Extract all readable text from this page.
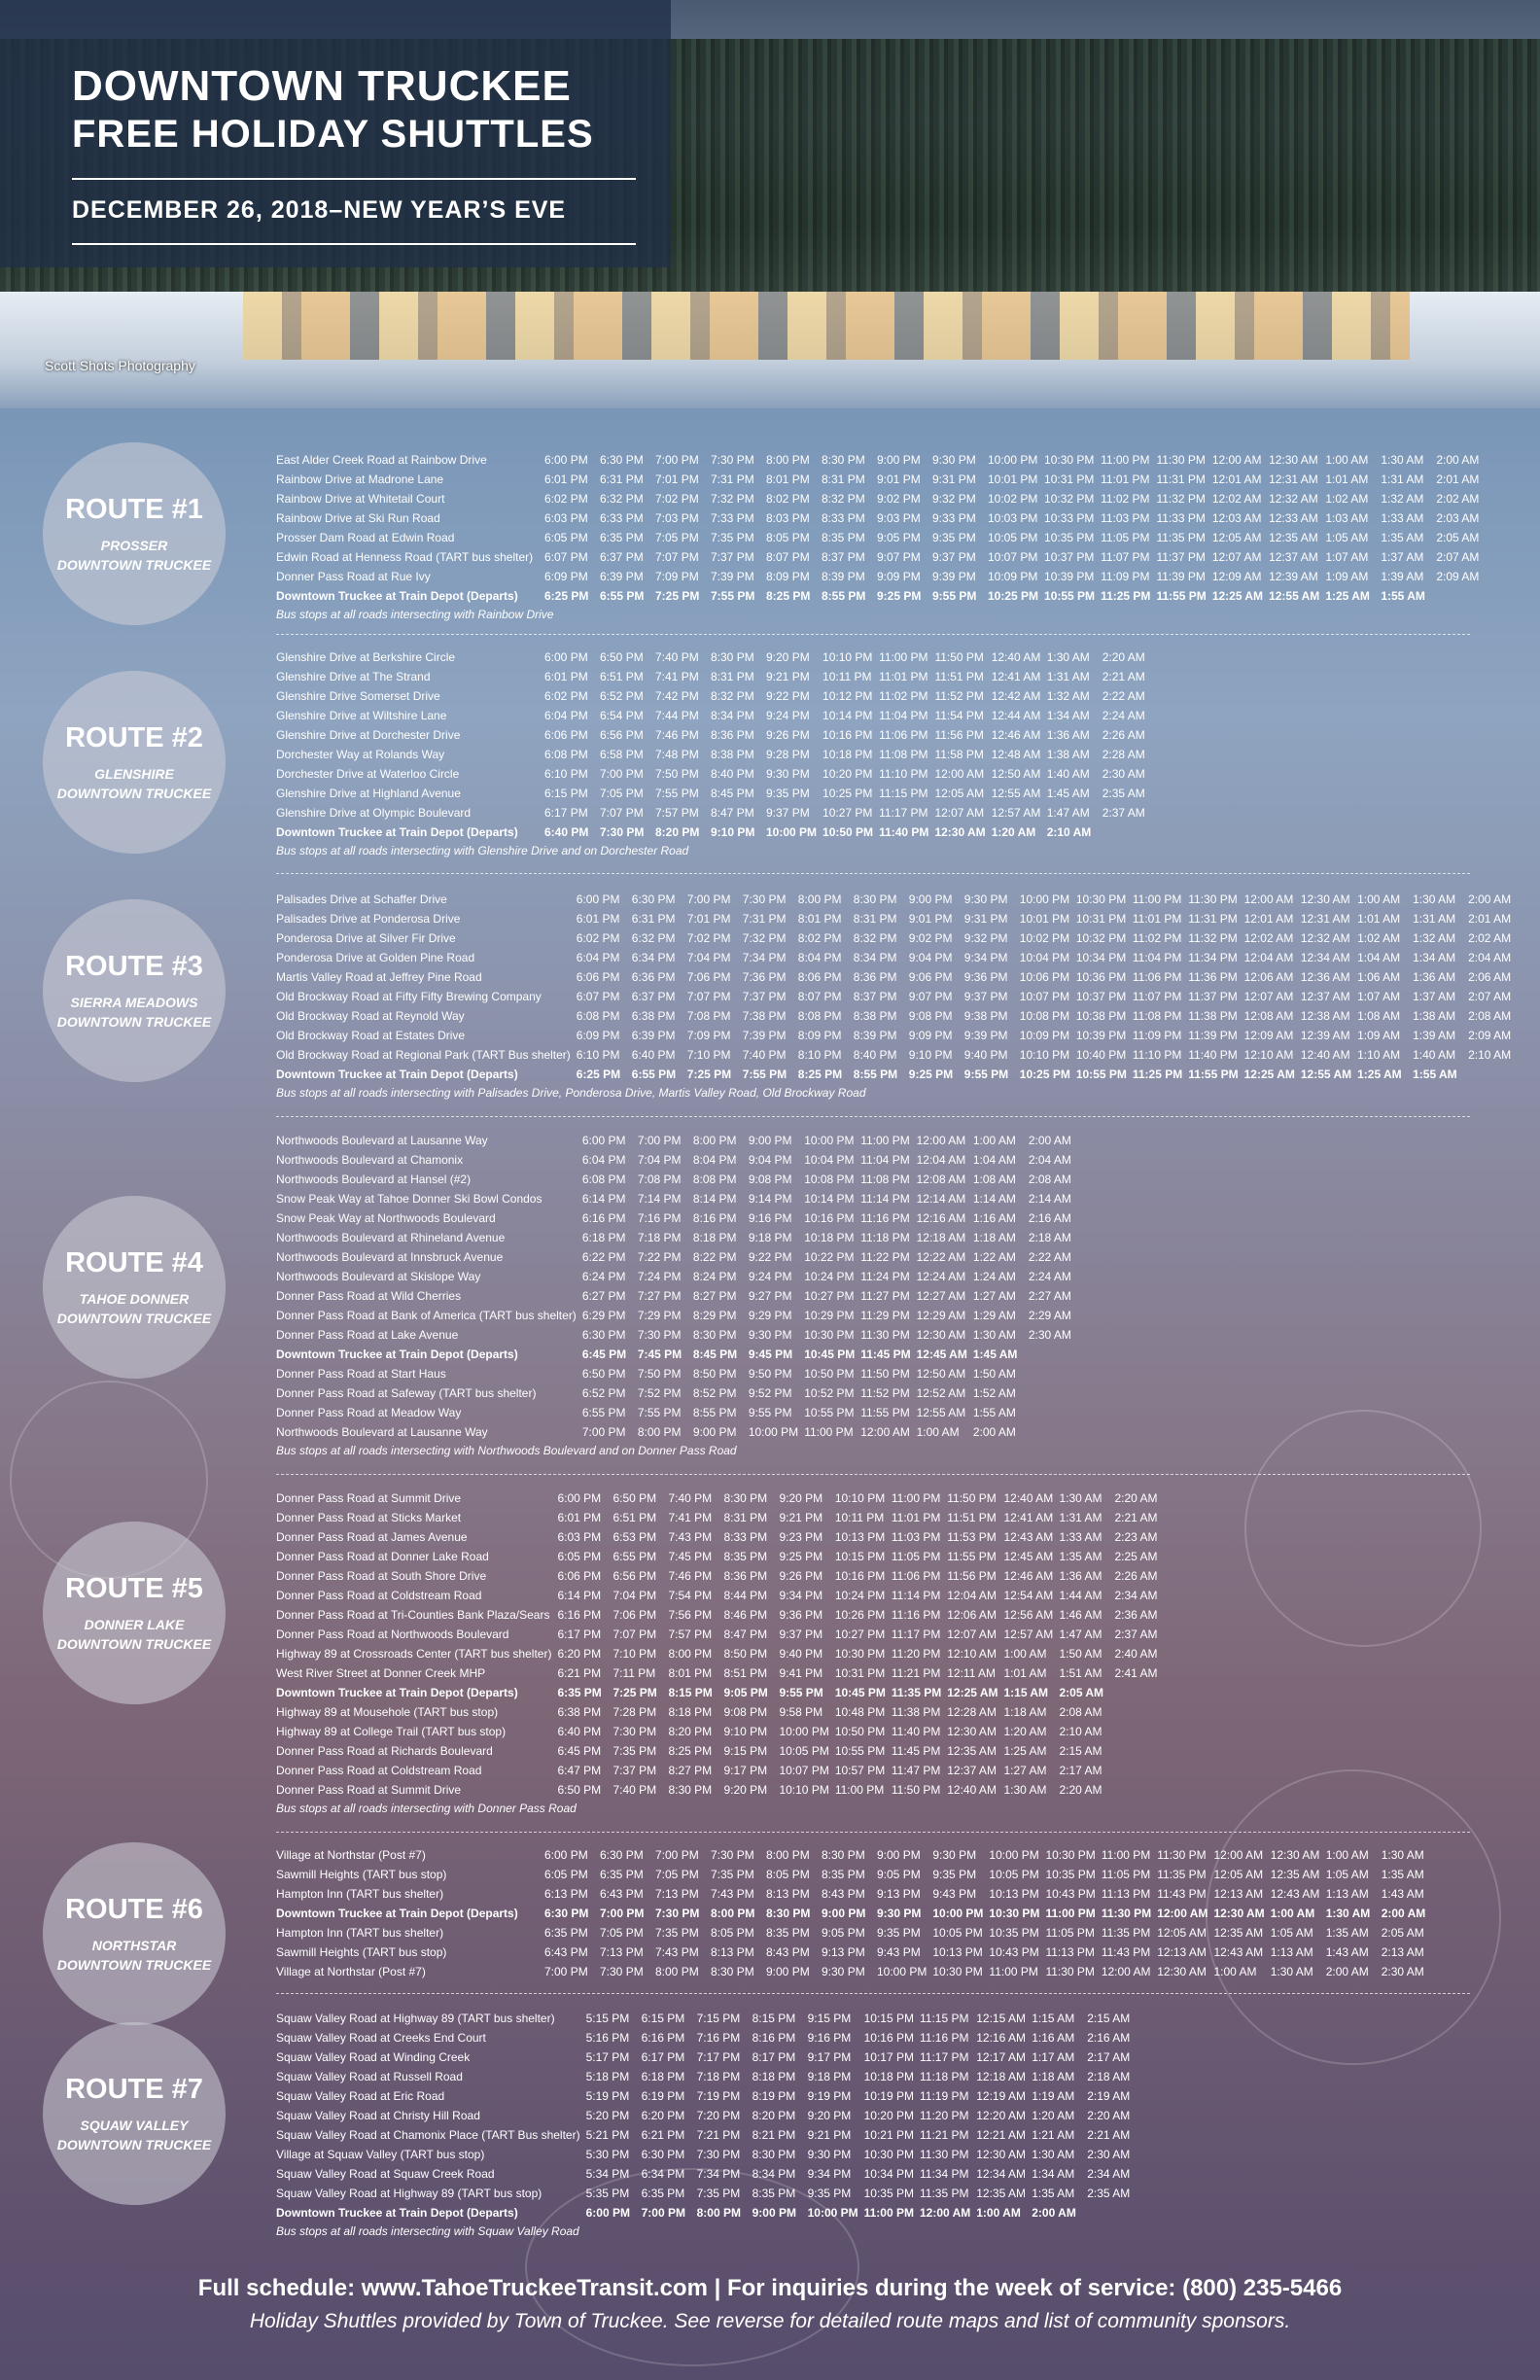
DOWNTOWN TRUCKEE
FREE HOLIDAY SHUTTLES
DECEMBER 26, 2018–NEW YEAR’S EVE
Scott Shots Photography
ROUTE #1
PROSSER
DOWNTOWN TRUCKEE
East Alder Creek Road at Rainbow Drive	6:00 PM	6:30 PM	7:00 PM	7:30 PM	8:00 PM	8:30 PM	9:00 PM	9:30 PM	10:00 PM	10:30 PM	11:00 PM	11:30 PM	12:00 AM	12:30 AM	1:00 AM	1:30 AM	2:00 AM
Rainbow Drive at Madrone Lane	6:01 PM	6:31 PM	7:01 PM	7:31 PM	8:01 PM	8:31 PM	9:01 PM	9:31 PM	10:01 PM	10:31 PM	11:01 PM	11:31 PM	12:01 AM	12:31 AM	1:01 AM	1:31 AM	2:01 AM
Rainbow Drive at Whitetail Court	6:02 PM	6:32 PM	7:02 PM	7:32 PM	8:02 PM	8:32 PM	9:02 PM	9:32 PM	10:02 PM	10:32 PM	11:02 PM	11:32 PM	12:02 AM	12:32 AM	1:02 AM	1:32 AM	2:02 AM
Rainbow Drive at Ski Run Road	6:03 PM	6:33 PM	7:03 PM	7:33 PM	8:03 PM	8:33 PM	9:03 PM	9:33 PM	10:03 PM	10:33 PM	11:03 PM	11:33 PM	12:03 AM	12:33 AM	1:03 AM	1:33 AM	2:03 AM
Prosser Dam Road at Edwin Road	6:05 PM	6:35 PM	7:05 PM	7:35 PM	8:05 PM	8:35 PM	9:05 PM	9:35 PM	10:05 PM	10:35 PM	11:05 PM	11:35 PM	12:05 AM	12:35 AM	1:05 AM	1:35 AM	2:05 AM
Edwin Road at Henness Road (TART bus shelter)	6:07 PM	6:37 PM	7:07 PM	7:37 PM	8:07 PM	8:37 PM	9:07 PM	9:37 PM	10:07 PM	10:37 PM	11:07 PM	11:37 PM	12:07 AM	12:37 AM	1:07 AM	1:37 AM	2:07 AM
Donner Pass Road at Rue Ivy	6:09 PM	6:39 PM	7:09 PM	7:39 PM	8:09 PM	8:39 PM	9:09 PM	9:39 PM	10:09 PM	10:39 PM	11:09 PM	11:39 PM	12:09 AM	12:39 AM	1:09 AM	1:39 AM	2:09 AM
Downtown Truckee at Train Depot (Departs)	6:25 PM	6:55 PM	7:25 PM	7:55 PM	8:25 PM	8:55 PM	9:25 PM	9:55 PM	10:25 PM	10:55 PM	11:25 PM	11:55 PM	12:25 AM	12:55 AM	1:25 AM	1:55 AM	
Bus stops at all roads intersecting with Rainbow Drive
ROUTE #2
GLENSHIRE
DOWNTOWN TRUCKEE
Glenshire Drive at Berkshire Circle	6:00 PM	6:50 PM	7:40 PM	8:30 PM	9:20 PM	10:10 PM	11:00 PM	11:50 PM	12:40 AM	1:30 AM	2:20 AM
Glenshire Drive at The Strand	6:01 PM	6:51 PM	7:41 PM	8:31 PM	9:21 PM	10:11 PM	11:01 PM	11:51 PM	12:41 AM	1:31 AM	2:21 AM
Glenshire Drive Somerset Drive	6:02 PM	6:52 PM	7:42 PM	8:32 PM	9:22 PM	10:12 PM	11:02 PM	11:52 PM	12:42 AM	1:32 AM	2:22 AM
Glenshire Drive at Wiltshire Lane	6:04 PM	6:54 PM	7:44 PM	8:34 PM	9:24 PM	10:14 PM	11:04 PM	11:54 PM	12:44 AM	1:34 AM	2:24 AM
Glenshire Drive at Dorchester Drive	6:06 PM	6:56 PM	7:46 PM	8:36 PM	9:26 PM	10:16 PM	11:06 PM	11:56 PM	12:46 AM	1:36 AM	2:26 AM
Dorchester Way at Rolands Way	6:08 PM	6:58 PM	7:48 PM	8:38 PM	9:28 PM	10:18 PM	11:08 PM	11:58 PM	12:48 AM	1:38 AM	2:28 AM
Dorchester Drive at Waterloo Circle	6:10 PM	7:00 PM	7:50 PM	8:40 PM	9:30 PM	10:20 PM	11:10 PM	12:00 AM	12:50 AM	1:40 AM	2:30 AM
Glenshire Drive at Highland Avenue	6:15 PM	7:05 PM	7:55 PM	8:45 PM	9:35 PM	10:25 PM	11:15 PM	12:05 AM	12:55 AM	1:45 AM	2:35 AM
Glenshire Drive at Olympic Boulevard	6:17 PM	7:07 PM	7:57 PM	8:47 PM	9:37 PM	10:27 PM	11:17 PM	12:07 AM	12:57 AM	1:47 AM	2:37 AM
Downtown Truckee at Train Depot (Departs)	6:40 PM	7:30 PM	8:20 PM	9:10 PM	10:00 PM	10:50 PM	11:40 PM	12:30 AM	1:20 AM	2:10 AM	
Bus stops at all roads intersecting with Glenshire Drive and on Dorchester Road
ROUTE #3
SIERRA MEADOWS
DOWNTOWN TRUCKEE
Palisades Drive at Schaffer Drive	6:00 PM	6:30 PM	7:00 PM	7:30 PM	8:00 PM	8:30 PM	9:00 PM	9:30 PM	10:00 PM	10:30 PM	11:00 PM	11:30 PM	12:00 AM	12:30 AM	1:00 AM	1:30 AM	2:00 AM
Palisades Drive at Ponderosa Drive	6:01 PM	6:31 PM	7:01 PM	7:31 PM	8:01 PM	8:31 PM	9:01 PM	9:31 PM	10:01 PM	10:31 PM	11:01 PM	11:31 PM	12:01 AM	12:31 AM	1:01 AM	1:31 AM	2:01 AM
Ponderosa Drive at Silver Fir Drive	6:02 PM	6:32 PM	7:02 PM	7:32 PM	8:02 PM	8:32 PM	9:02 PM	9:32 PM	10:02 PM	10:32 PM	11:02 PM	11:32 PM	12:02 AM	12:32 AM	1:02 AM	1:32 AM	2:02 AM
Ponderosa Drive at Golden Pine Road	6:04 PM	6:34 PM	7:04 PM	7:34 PM	8:04 PM	8:34 PM	9:04 PM	9:34 PM	10:04 PM	10:34 PM	11:04 PM	11:34 PM	12:04 AM	12:34 AM	1:04 AM	1:34 AM	2:04 AM
Martis Valley Road at Jeffrey Pine Road	6:06 PM	6:36 PM	7:06 PM	7:36 PM	8:06 PM	8:36 PM	9:06 PM	9:36 PM	10:06 PM	10:36 PM	11:06 PM	11:36 PM	12:06 AM	12:36 AM	1:06 AM	1:36 AM	2:06 AM
Old Brockway Road at Fifty Fifty Brewing Company	6:07 PM	6:37 PM	7:07 PM	7:37 PM	8:07 PM	8:37 PM	9:07 PM	9:37 PM	10:07 PM	10:37 PM	11:07 PM	11:37 PM	12:07 AM	12:37 AM	1:07 AM	1:37 AM	2:07 AM
Old Brockway Road at Reynold Way	6:08 PM	6:38 PM	7:08 PM	7:38 PM	8:08 PM	8:38 PM	9:08 PM	9:38 PM	10:08 PM	10:38 PM	11:08 PM	11:38 PM	12:08 AM	12:38 AM	1:08 AM	1:38 AM	2:08 AM
Old Brockway Road at Estates Drive	6:09 PM	6:39 PM	7:09 PM	7:39 PM	8:09 PM	8:39 PM	9:09 PM	9:39 PM	10:09 PM	10:39 PM	11:09 PM	11:39 PM	12:09 AM	12:39 AM	1:09 AM	1:39 AM	2:09 AM
Old Brockway Road at Regional Park (TART Bus shelter)	6:10 PM	6:40 PM	7:10 PM	7:40 PM	8:10 PM	8:40 PM	9:10 PM	9:40 PM	10:10 PM	10:40 PM	11:10 PM	11:40 PM	12:10 AM	12:40 AM	1:10 AM	1:40 AM	2:10 AM
Downtown Truckee at Train Depot (Departs)	6:25 PM	6:55 PM	7:25 PM	7:55 PM	8:25 PM	8:55 PM	9:25 PM	9:55 PM	10:25 PM	10:55 PM	11:25 PM	11:55 PM	12:25 AM	12:55 AM	1:25 AM	1:55 AM	
Bus stops at all roads intersecting with Palisades Drive, Ponderosa Drive, Martis Valley Road, Old Brockway Road
ROUTE #4
TAHOE DONNER
DOWNTOWN TRUCKEE
Northwoods Boulevard at Lausanne Way	6:00 PM	7:00 PM	8:00 PM	9:00 PM	10:00 PM	11:00 PM	12:00 AM	1:00 AM	2:00 AM
Northwoods Boulevard at Chamonix	6:04 PM	7:04 PM	8:04 PM	9:04 PM	10:04 PM	11:04 PM	12:04 AM	1:04 AM	2:04 AM
Northwoods Boulevard at Hansel (#2)	6:08 PM	7:08 PM	8:08 PM	9:08 PM	10:08 PM	11:08 PM	12:08 AM	1:08 AM	2:08 AM
Snow Peak Way at Tahoe Donner Ski Bowl Condos	6:14 PM	7:14 PM	8:14 PM	9:14 PM	10:14 PM	11:14 PM	12:14 AM	1:14 AM	2:14 AM
Snow Peak Way at Northwoods Boulevard	6:16 PM	7:16 PM	8:16 PM	9:16 PM	10:16 PM	11:16 PM	12:16 AM	1:16 AM	2:16 AM
Northwoods Boulevard at Rhineland Avenue	6:18 PM	7:18 PM	8:18 PM	9:18 PM	10:18 PM	11:18 PM	12:18 AM	1:18 AM	2:18 AM
Northwoods Boulevard at Innsbruck Avenue	6:22 PM	7:22 PM	8:22 PM	9:22 PM	10:22 PM	11:22 PM	12:22 AM	1:22 AM	2:22 AM
Northwoods Boulevard at Skislope Way	6:24 PM	7:24 PM	8:24 PM	9:24 PM	10:24 PM	11:24 PM	12:24 AM	1:24 AM	2:24 AM
Donner Pass Road at Wild Cherries	6:27 PM	7:27 PM	8:27 PM	9:27 PM	10:27 PM	11:27 PM	12:27 AM	1:27 AM	2:27 AM
Donner Pass Road at Bank of America (TART bus shelter)	6:29 PM	7:29 PM	8:29 PM	9:29 PM	10:29 PM	11:29 PM	12:29 AM	1:29 AM	2:29 AM
Donner Pass Road at Lake Avenue	6:30 PM	7:30 PM	8:30 PM	9:30 PM	10:30 PM	11:30 PM	12:30 AM	1:30 AM	2:30 AM
Downtown Truckee at Train Depot (Departs)	6:45 PM	7:45 PM	8:45 PM	9:45 PM	10:45 PM	11:45 PM	12:45 AM	1:45 AM	
Donner Pass Road at Start Haus	6:50 PM	7:50 PM	8:50 PM	9:50 PM	10:50 PM	11:50 PM	12:50 AM	1:50 AM	
Donner Pass Road at Safeway (TART bus shelter)	6:52 PM	7:52 PM	8:52 PM	9:52 PM	10:52 PM	11:52 PM	12:52 AM	1:52 AM	
Donner Pass Road at Meadow Way	6:55 PM	7:55 PM	8:55 PM	9:55 PM	10:55 PM	11:55 PM	12:55 AM	1:55 AM	
Northwoods Boulevard at Lausanne Way	7:00 PM	8:00 PM	9:00 PM	10:00 PM	11:00 PM	12:00 AM	1:00 AM	2:00 AM	
Bus stops at all roads intersecting with Northwoods Boulevard and on Donner Pass Road
ROUTE #5
DONNER LAKE
DOWNTOWN TRUCKEE
Donner Pass Road at Summit Drive	6:00 PM	6:50 PM	7:40 PM	8:30 PM	9:20 PM	10:10 PM	11:00 PM	11:50 PM	12:40 AM	1:30 AM	2:20 AM
Donner Pass Road at Sticks Market	6:01 PM	6:51 PM	7:41 PM	8:31 PM	9:21 PM	10:11 PM	11:01 PM	11:51 PM	12:41 AM	1:31 AM	2:21 AM
Donner Pass Road at James Avenue	6:03 PM	6:53 PM	7:43 PM	8:33 PM	9:23 PM	10:13 PM	11:03 PM	11:53 PM	12:43 AM	1:33 AM	2:23 AM
Donner Pass Road at Donner Lake Road	6:05 PM	6:55 PM	7:45 PM	8:35 PM	9:25 PM	10:15 PM	11:05 PM	11:55 PM	12:45 AM	1:35 AM	2:25 AM
Donner Pass Road at South Shore Drive	6:06 PM	6:56 PM	7:46 PM	8:36 PM	9:26 PM	10:16 PM	11:06 PM	11:56 PM	12:46 AM	1:36 AM	2:26 AM
Donner Pass Road at Coldstream Road	6:14 PM	7:04 PM	7:54 PM	8:44 PM	9:34 PM	10:24 PM	11:14 PM	12:04 AM	12:54 AM	1:44 AM	2:34 AM
Donner Pass Road at Tri-Counties Bank Plaza/Sears	6:16 PM	7:06 PM	7:56 PM	8:46 PM	9:36 PM	10:26 PM	11:16 PM	12:06 AM	12:56 AM	1:46 AM	2:36 AM
Donner Pass Road at Northwoods Boulevard	6:17 PM	7:07 PM	7:57 PM	8:47 PM	9:37 PM	10:27 PM	11:17 PM	12:07 AM	12:57 AM	1:47 AM	2:37 AM
Highway 89 at Crossroads Center (TART bus shelter)	6:20 PM	7:10 PM	8:00 PM	8:50 PM	9:40 PM	10:30 PM	11:20 PM	12:10 AM	1:00 AM	1:50 AM	2:40 AM
West River Street at Donner Creek MHP	6:21 PM	7:11 PM	8:01 PM	8:51 PM	9:41 PM	10:31 PM	11:21 PM	12:11 AM	1:01 AM	1:51 AM	2:41 AM
Downtown Truckee at Train Depot (Departs)	6:35 PM	7:25 PM	8:15 PM	9:05 PM	9:55 PM	10:45 PM	11:35 PM	12:25 AM	1:15 AM	2:05 AM	
Highway 89 at Mousehole (TART bus stop)	6:38 PM	7:28 PM	8:18 PM	9:08 PM	9:58 PM	10:48 PM	11:38 PM	12:28 AM	1:18 AM	2:08 AM	
Highway 89 at College Trail (TART bus stop)	6:40 PM	7:30 PM	8:20 PM	9:10 PM	10:00 PM	10:50 PM	11:40 PM	12:30 AM	1:20 AM	2:10 AM	
Donner Pass Road at Richards Boulevard	6:45 PM	7:35 PM	8:25 PM	9:15 PM	10:05 PM	10:55 PM	11:45 PM	12:35 AM	1:25 AM	2:15 AM	
Donner Pass Road at Coldstream Road	6:47 PM	7:37 PM	8:27 PM	9:17 PM	10:07 PM	10:57 PM	11:47 PM	12:37 AM	1:27 AM	2:17 AM	
Donner Pass Road at Summit Drive	6:50 PM	7:40 PM	8:30 PM	9:20 PM	10:10 PM	11:00 PM	11:50 PM	12:40 AM	1:30 AM	2:20 AM	
Bus stops at all roads intersecting with Donner Pass Road
ROUTE #6
NORTHSTAR
DOWNTOWN TRUCKEE
Village at Northstar (Post #7)	6:00 PM	6:30 PM	7:00 PM	7:30 PM	8:00 PM	8:30 PM	9:00 PM	9:30 PM	10:00 PM	10:30 PM	11:00 PM	11:30 PM	12:00 AM	12:30 AM	1:00 AM	1:30 AM
Sawmill Heights (TART bus stop)	6:05 PM	6:35 PM	7:05 PM	7:35 PM	8:05 PM	8:35 PM	9:05 PM	9:35 PM	10:05 PM	10:35 PM	11:05 PM	11:35 PM	12:05 AM	12:35 AM	1:05 AM	1:35 AM
Hampton Inn (TART bus shelter)	6:13 PM	6:43 PM	7:13 PM	7:43 PM	8:13 PM	8:43 PM	9:13 PM	9:43 PM	10:13 PM	10:43 PM	11:13 PM	11:43 PM	12:13 AM	12:43 AM	1:13 AM	1:43 AM
Downtown Truckee at Train Depot (Departs)	6:30 PM	7:00 PM	7:30 PM	8:00 PM	8:30 PM	9:00 PM	9:30 PM	10:00 PM	10:30 PM	11:00 PM	11:30 PM	12:00 AM	12:30 AM	1:00 AM	1:30 AM	2:00 AM
Hampton Inn (TART bus shelter)	6:35 PM	7:05 PM	7:35 PM	8:05 PM	8:35 PM	9:05 PM	9:35 PM	10:05 PM	10:35 PM	11:05 PM	11:35 PM	12:05 AM	12:35 AM	1:05 AM	1:35 AM	2:05 AM
Sawmill Heights (TART bus stop)	6:43 PM	7:13 PM	7:43 PM	8:13 PM	8:43 PM	9:13 PM	9:43 PM	10:13 PM	10:43 PM	11:13 PM	11:43 PM	12:13 AM	12:43 AM	1:13 AM	1:43 AM	2:13 AM
Village at Northstar (Post #7)	7:00 PM	7:30 PM	8:00 PM	8:30 PM	9:00 PM	9:30 PM	10:00 PM	10:30 PM	11:00 PM	11:30 PM	12:00 AM	12:30 AM	1:00 AM	1:30 AM	2:00 AM	2:30 AM
ROUTE #7
SQUAW VALLEY
DOWNTOWN TRUCKEE
Squaw Valley Road at Highway 89 (TART bus shelter)	5:15 PM	6:15 PM	7:15 PM	8:15 PM	9:15 PM	10:15 PM	11:15 PM	12:15 AM	1:15 AM	2:15 AM
Squaw Valley Road at Creeks End Court	5:16 PM	6:16 PM	7:16 PM	8:16 PM	9:16 PM	10:16 PM	11:16 PM	12:16 AM	1:16 AM	2:16 AM
Squaw Valley Road at Winding Creek	5:17 PM	6:17 PM	7:17 PM	8:17 PM	9:17 PM	10:17 PM	11:17 PM	12:17 AM	1:17 AM	2:17 AM
Squaw Valley Road at Russell Road	5:18 PM	6:18 PM	7:18 PM	8:18 PM	9:18 PM	10:18 PM	11:18 PM	12:18 AM	1:18 AM	2:18 AM
Squaw Valley Road at Eric Road	5:19 PM	6:19 PM	7:19 PM	8:19 PM	9:19 PM	10:19 PM	11:19 PM	12:19 AM	1:19 AM	2:19 AM
Squaw Valley Road at Christy Hill Road	5:20 PM	6:20 PM	7:20 PM	8:20 PM	9:20 PM	10:20 PM	11:20 PM	12:20 AM	1:20 AM	2:20 AM
Squaw Valley Road at Chamonix Place (TART Bus shelter)	5:21 PM	6:21 PM	7:21 PM	8:21 PM	9:21 PM	10:21 PM	11:21 PM	12:21 AM	1:21 AM	2:21 AM
Village at Squaw Valley (TART bus stop)	5:30 PM	6:30 PM	7:30 PM	8:30 PM	9:30 PM	10:30 PM	11:30 PM	12:30 AM	1:30 AM	2:30 AM
Squaw Valley Road at Squaw Creek Road	5:34 PM	6:34 PM	7:34 PM	8:34 PM	9:34 PM	10:34 PM	11:34 PM	12:34 AM	1:34 AM	2:34 AM
Squaw Valley Road at Highway 89 (TART bus stop)	5:35 PM	6:35 PM	7:35 PM	8:35 PM	9:35 PM	10:35 PM	11:35 PM	12:35 AM	1:35 AM	2:35 AM
Downtown Truckee at Train Depot (Departs)	6:00 PM	7:00 PM	8:00 PM	9:00 PM	10:00 PM	11:00 PM	12:00 AM	1:00 AM	2:00 AM	
Bus stops at all roads intersecting with Squaw Valley Road
Full schedule: www.TahoeTruckeeTransit.com | For inquiries during the week of service: (800) 235-5466
Holiday Shuttles provided by Town of Truckee. See reverse for detailed route maps and list of community sponsors.
